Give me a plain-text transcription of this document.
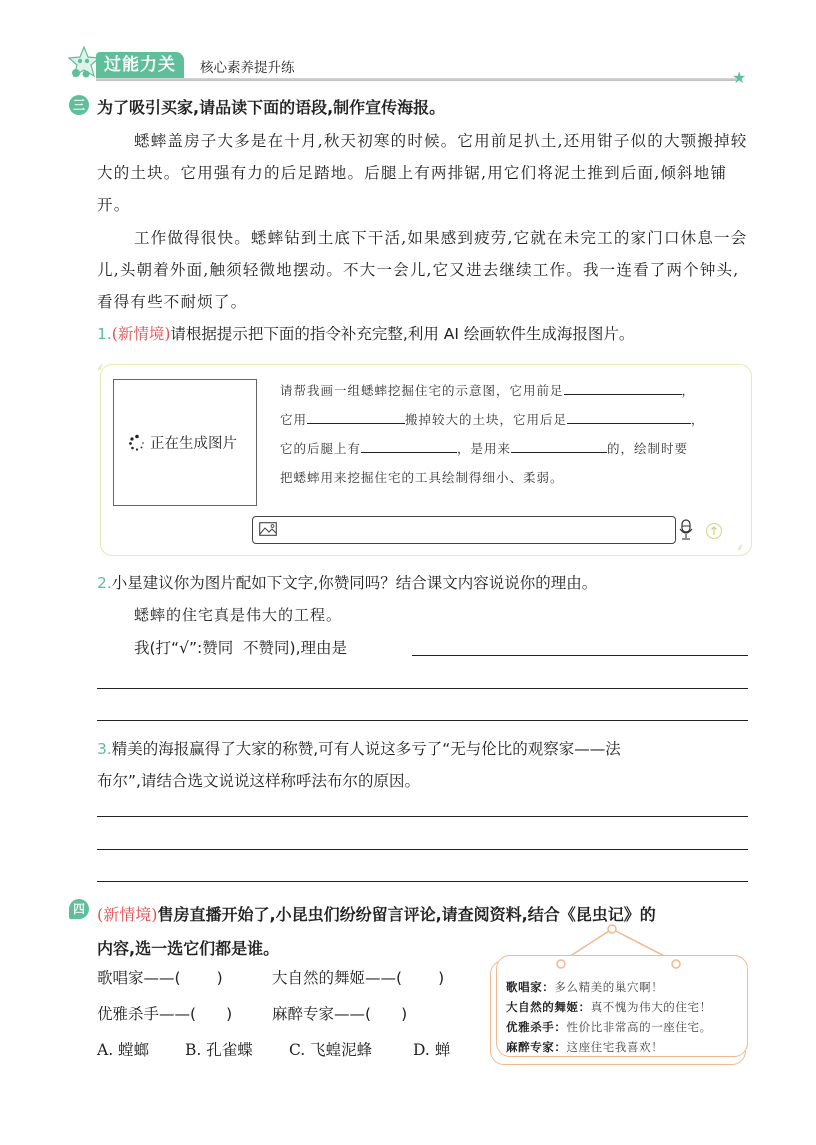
过能力关	核心素养提升练	★
三 为了吸引买家,请品读下面的语段,制作宣传海报。
蟋蟀盖房子大多是在十月,秋天初寒的时候。它用前足扒土,还用钳子似的大颚搬掉较大的土块。它用强有力的后足踏地。后腿上有两排锯,用它们将泥土推到后面,倾斜地铺开。
工作做得很快。蟋蟀钻到土底下干活,如果感到疲劳,它就在未完工的家门口休息一会儿,头朝着外面,触须轻微地摆动。不大一会儿,它又进去继续工作。我一连看了两个钟头,看得有些不耐烦了。
1.(新情境)请根据提示把下面的指令补充完整,利用 AI 绘画软件生成海报图片。
⸙
⸙
正在生成图片
请帮我画一组蟋蟀挖掘住宅的示意图，它用前足	，
它用	搬掉较大的土块，它用后足	，
它的后腿上有	，是用来	的，绘制时要
把蟋蟀用来挖掘住宅的工具绘制得细小、柔弱。
2.小星建议你为图片配如下文字,你赞同吗？结合课文内容说说你的理由。
蟋蟀的住宅真是伟大的工程。
我(打“√”:赞同  不赞同),理由是
3.精美的海报赢得了大家的称赞,可有人说这多亏了“无与伦比的观察家——法
布尔”,请结合选文说说这样称呼法布尔的原因。
四 (新情境)售房直播开始了,小昆虫们纷纷留言评论,请查阅资料,结合《昆虫记》的
内容,选一选它们都是谁。
歌唱家——( )	大自然的舞姬——( )
优雅杀手——( )	麻醉专家——( )
A. 螳螂 B. 孔雀蝶 C. 飞蝗泥蜂	D. 蝉
歌唱家：多么精美的巢穴啊！
大自然的舞姬：真不愧为伟大的住宅！
优雅杀手：性价比非常高的一座住宅。
麻醉专家：这座住宅我喜欢！
